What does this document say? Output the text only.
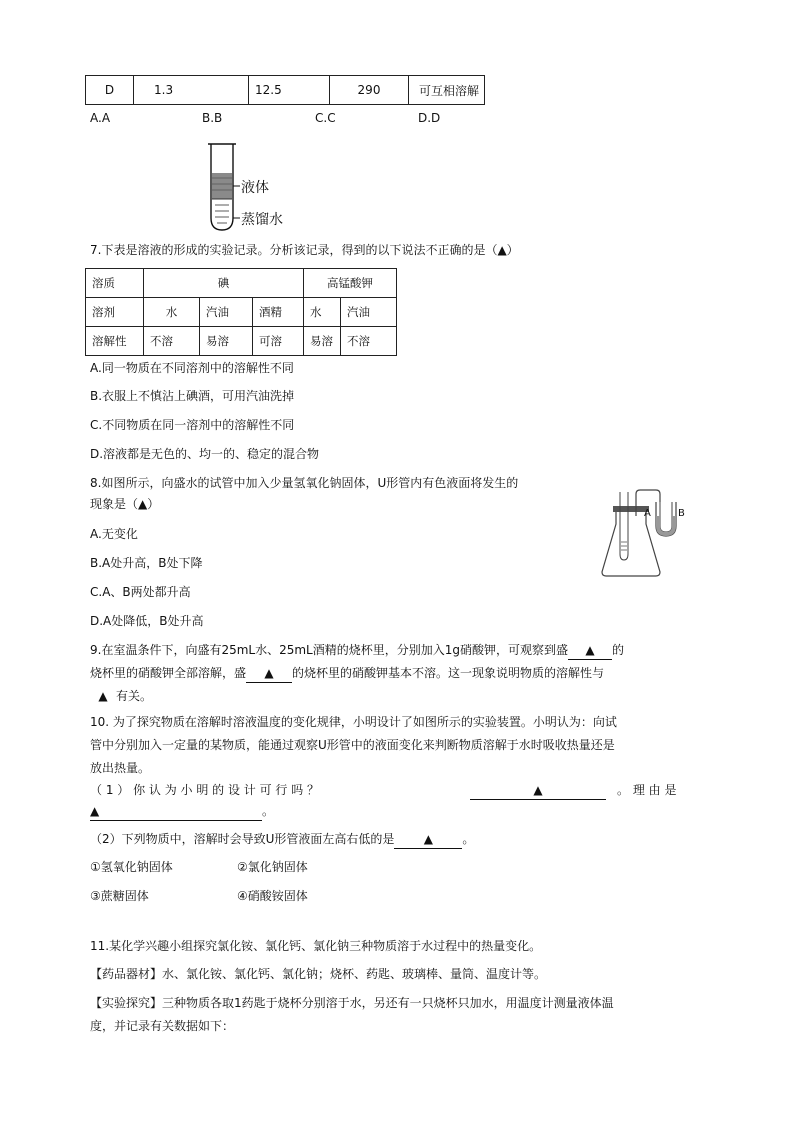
D	1.3	12.5	290	可互相溶解
A.A	B.B	C.C	D.D
液体
蒸馏水
7.下表是溶液的形成的实验记录。分析该记录，得到的以下说法不正确的是（▲）
溶质	碘			高锰酸钾	
溶剂	水	汽油	酒精	水	汽油
溶解性	不溶	易溶	可溶	易溶	不溶
A.同一物质在不同溶剂中的溶解性不同
B.衣服上不慎沾上碘酒，可用汽油洗掉
C.不同物质在同一溶剂中的溶解性不同
D.溶液都是无色的、均一的、稳定的混合物
8.如图所示，向盛水的试管中加入少量氢氧化钠固体，U形管内有色液面将发生的
现象是（▲）
A.无变化
B.A处升高，B处下降
C.A、B两处都升高
D.A处降低，B处升高
A	B
9.在室温条件下，向盛有25mL水、25mL酒精的烧杯里，分别加入1g硝酸钾，可观察到盛 ▲ 的
烧杯里的硝酸钾全部溶解，盛 ▲ 的烧杯里的硝酸钾基本不溶。这一现象说明物质的溶解性与
▲ 有关。
10. 为了探究物质在溶解时溶液温度的变化规律，小明设计了如图所示的实验装置。小明认为：向试
管中分别加入一定量的某物质，能通过观察U形管中的液面变化来判断物质溶解于水时吸收热量还是
放出热量。
（ 1 ） 你 认 为 小 明 的 设 计 可 行 吗 ？	▲	。 理 由 是
▲	。
（2）下列物质中，溶解时会导致U形管液面左高右低的是 ▲ 。
①氢氧化钠固体	②氯化钠固体
③蔗糖固体	④硝酸铵固体
11.某化学兴趣小组探究氯化铵、氯化钙、氯化钠三种物质溶于水过程中的热量变化。
【药品器材】水、氯化铵、氯化钙、氯化钠；烧杯、药匙、玻璃棒、量筒、温度计等。
【实验探究】三种物质各取1药匙于烧杯分别溶于水，另还有一只烧杯只加水，用温度计测量液体温
度，并记录有关数据如下：
